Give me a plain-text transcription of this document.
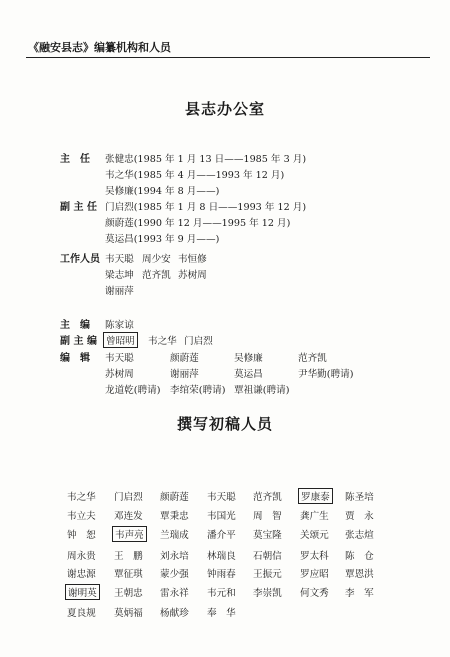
《融安县志》编纂机构和人员
县志办公室
主　任 张健忠(1985 年 1 月 13 日——1985 年 3 月)
韦之华(1985 年 4 月——1993 年 12 月)
吴修廉(1994 年 8 月——)
副 主 任 门启烈(1985 年 1 月 8 日——1993 年 12 月)
颜蔚莲(1990 年 12 月——1995 年 12 月)
莫运昌(1993 年 9 月——)
工作人员 韦天聪 周少安 韦恒修
梁志坤 范齐凯 苏树周
谢丽萍
主　编 陈家谅
副 主 编 曾昭明	韦之华 门启烈
编　辑 韦天聪	颜蔚莲	吴修廉	范齐凯
苏树周	谢丽萍	莫运昌	尹华勤(聘请)
龙道乾(聘请) 李绾荣(聘请) 覃祖谦(聘请)
撰写初稿人员
韦之华 门启烈 颜蔚莲 韦天聪 范齐凯	罗康泰	陈圣培
韦立夫 邓连发 覃秉忠 韦国光 周　智 龚广生 贾　永
钟　恕	韦声亮	兰瑞成 潘介平 莫宝隆 关颂元 张志煊
周永贵 王　鹏 刘永培 林瑞良 石朝信 罗太科 陈　仓
谢忠源 覃征琪 蒙少强 钟雨春 王振元 罗应昭 覃恩洪
谢明英	王朝忠 雷永祥 韦元和 李崇凯 何文秀 李　军
夏良规 莫炳福 杨献珍 奉　华
